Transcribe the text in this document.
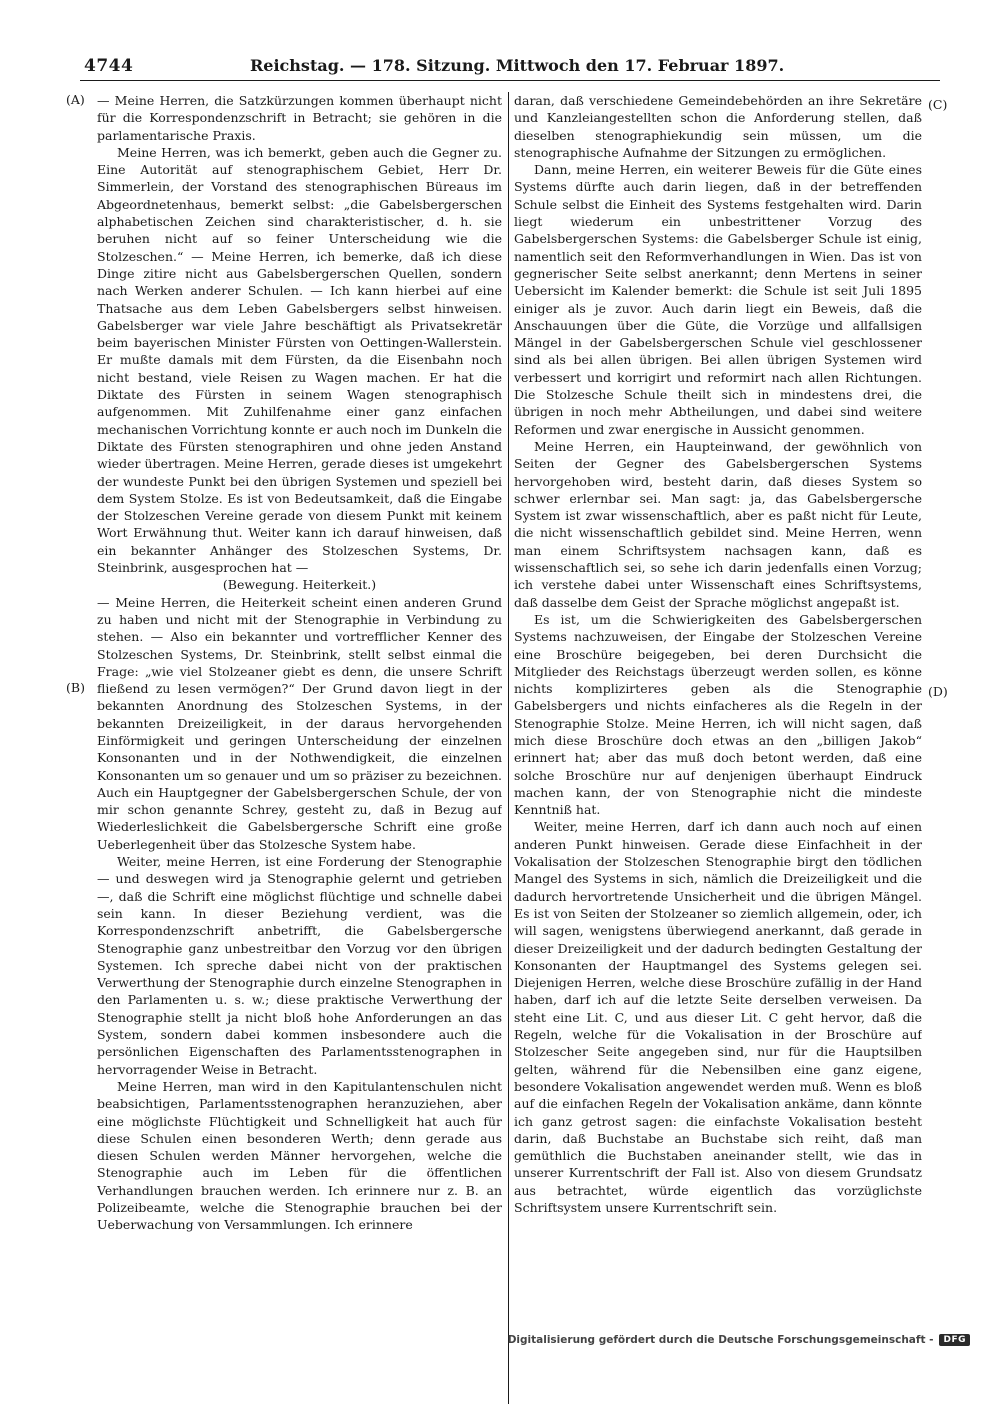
4744	Reichstag. — 178. Sitzung. Mittwoch den 17. Februar 1897.
(A)
(B)
(C)
(D)

— Meine Herren, die Satzkürzungen kommen überhaupt nicht für die Korrespondenzschrift in Betracht; sie gehören in die parlamentarische Praxis.

Meine Herren, was ich bemerkt, geben auch die Gegner zu. Eine Autorität auf stenographischem Gebiet, Herr Dr. Simmerlein, der Vorstand des stenographischen Büreaus im Abgeordnetenhaus, bemerkt selbst: „die Gabelsbergerschen alphabetischen Zeichen sind charakteristischer, d. h. sie beruhen nicht auf so feiner Unterscheidung wie die Stolzeschen.“ — Meine Herren, ich bemerke, daß ich diese Dinge zitire nicht aus Gabelsbergerschen Quellen, sondern nach Werken anderer Schulen. — Ich kann hierbei auf eine Thatsache aus dem Leben Gabelsbergers selbst hinweisen. Gabelsberger war viele Jahre beschäftigt als Privatsekretär beim bayerischen Minister Fürsten von Oettingen-Wallerstein. Er mußte damals mit dem Fürsten, da die Eisenbahn noch nicht bestand, viele Reisen zu Wagen machen. Er hat die Diktate des Fürsten in seinem Wagen stenographisch aufgenommen. Mit Zuhilfenahme einer ganz einfachen mechanischen Vorrichtung konnte er auch noch im Dunkeln die Diktate des Fürsten stenographiren und ohne jeden Anstand wieder übertragen. Meine Herren, gerade dieses ist umgekehrt der wundeste Punkt bei den übrigen Systemen und speziell bei dem System Stolze. Es ist von Bedeutsamkeit, daß die Eingabe der Stolzeschen Vereine gerade von diesem Punkt mit keinem Wort Erwähnung thut. Weiter kann ich darauf hinweisen, daß ein bekannter Anhänger des Stolzeschen Systems, Dr. Steinbrink, ausgesprochen hat —

(Bewegung. Heiterkeit.)

— Meine Herren, die Heiterkeit scheint einen anderen Grund zu haben und nicht mit der Stenographie in Verbindung zu stehen. — Also ein bekannter und vortrefflicher Kenner des Stolzeschen Systems, Dr. Steinbrink, stellt selbst einmal die Frage: „wie viel Stolzeaner giebt es denn, die unsere Schrift fließend zu lesen vermögen?“ Der Grund davon liegt in der bekannten Anordnung des Stolzeschen Systems, in der bekannten Dreizeiligkeit, in der daraus hervorgehenden Einförmigkeit und geringen Unterscheidung der einzelnen Konsonanten und in der Nothwendigkeit, die einzelnen Konsonanten um so genauer und um so präziser zu bezeichnen. Auch ein Hauptgegner der Gabelsbergerschen Schule, der von mir schon genannte Schrey, gesteht zu, daß in Bezug auf Wiederleslichkeit die Gabelsbergersche Schrift eine große Ueberlegenheit über das Stolzesche System habe.

Weiter, meine Herren, ist eine Forderung der Stenographie — und deswegen wird ja Stenographie gelernt und getrieben —, daß die Schrift eine möglichst flüchtige und schnelle dabei sein kann. In dieser Beziehung verdient, was die Korrespondenzschrift anbetrifft, die Gabelsbergersche Stenographie ganz unbestreitbar den Vorzug vor den übrigen Systemen. Ich spreche dabei nicht von der praktischen Verwerthung der Stenographie durch einzelne Stenographen in den Parlamenten u. s. w.; diese praktische Verwerthung der Stenographie stellt ja nicht bloß hohe Anforderungen an das System, sondern dabei kommen insbesondere auch die persönlichen Eigenschaften des Parlamentsstenographen in hervorragender Weise in Betracht.

Meine Herren, man wird in den Kapitulantenschulen nicht beabsichtigen, Parlamentsstenographen heranzuziehen, aber eine möglichste Flüchtigkeit und Schnelligkeit hat auch für diese Schulen einen besonderen Werth; denn gerade aus diesen Schulen werden Männer hervorgehen, welche die Stenographie auch im Leben für die öffentlichen Verhandlungen brauchen werden. Ich erinnere nur z. B. an Polizeibeamte, welche die Stenographie brauchen bei der Ueberwachung von Versammlungen. Ich erinnere

daran, daß verschiedene Gemeindebehörden an ihre Sekretäre und Kanzleiangestellten schon die Anforderung stellen, daß dieselben stenographiekundig sein müssen, um die stenographische Aufnahme der Sitzungen zu ermöglichen.

Dann, meine Herren, ein weiterer Beweis für die Güte eines Systems dürfte auch darin liegen, daß in der betreffenden Schule selbst die Einheit des Systems festgehalten wird. Darin liegt wiederum ein unbestrittener Vorzug des Gabelsbergerschen Systems: die Gabelsberger Schule ist einig, namentlich seit den Reformverhandlungen in Wien. Das ist von gegnerischer Seite selbst anerkannt; denn Mertens in seiner Uebersicht im Kalender bemerkt: die Schule ist seit Juli 1895 einiger als je zuvor. Auch darin liegt ein Beweis, daß die Anschauungen über die Güte, die Vorzüge und allfallsigen Mängel in der Gabelsbergerschen Schule viel geschlossener sind als bei allen übrigen. Bei allen übrigen Systemen wird verbessert und korrigirt und reformirt nach allen Richtungen. Die Stolzesche Schule theilt sich in mindestens drei, die übrigen in noch mehr Abtheilungen, und dabei sind weitere Reformen und zwar energische in Aussicht genommen.

Meine Herren, ein Haupteinwand, der gewöhnlich von Seiten der Gegner des Gabelsbergerschen Systems hervorgehoben wird, besteht darin, daß dieses System so schwer erlernbar sei. Man sagt: ja, das Gabelsbergersche System ist zwar wissenschaftlich, aber es paßt nicht für Leute, die nicht wissenschaftlich gebildet sind. Meine Herren, wenn man einem Schriftsystem nachsagen kann, daß es wissenschaftlich sei, so sehe ich darin jedenfalls einen Vorzug; ich verstehe dabei unter Wissenschaft eines Schriftsystems, daß dasselbe dem Geist der Sprache möglichst angepaßt ist.

Es ist, um die Schwierigkeiten des Gabelsbergerschen Systems nachzuweisen, der Eingabe der Stolzeschen Vereine eine Broschüre beigegeben, bei deren Durchsicht die Mitglieder des Reichstags überzeugt werden sollen, es könne nichts komplizirteres geben als die Stenographie Gabelsbergers und nichts einfacheres als die Regeln in der Stenographie Stolze. Meine Herren, ich will nicht sagen, daß mich diese Broschüre doch etwas an den „billigen Jakob“ erinnert hat; aber das muß doch betont werden, daß eine solche Broschüre nur auf denjenigen überhaupt Eindruck machen kann, der von Stenographie nicht die mindeste Kenntniß hat.

Weiter, meine Herren, darf ich dann auch noch auf einen anderen Punkt hinweisen. Gerade diese Einfachheit in der Vokalisation der Stolzeschen Stenographie birgt den tödlichen Mangel des Systems in sich, nämlich die Dreizeiligkeit und die dadurch hervortretende Unsicherheit und die übrigen Mängel. Es ist von Seiten der Stolzeaner so ziemlich allgemein, oder, ich will sagen, wenigstens überwiegend anerkannt, daß gerade in dieser Dreizeiligkeit und der dadurch bedingten Gestaltung der Konsonanten der Hauptmangel des Systems gelegen sei. Diejenigen Herren, welche diese Broschüre zufällig in der Hand haben, darf ich auf die letzte Seite derselben verweisen. Da steht eine Lit. C, und aus dieser Lit. C geht hervor, daß die Regeln, welche für die Vokalisation in der Broschüre auf Stolzescher Seite angegeben sind, nur für die Hauptsilben gelten, während für die Nebensilben eine ganz eigene, besondere Vokalisation angewendet werden muß. Wenn es bloß auf die einfachen Regeln der Vokalisation ankäme, dann könnte ich ganz getrost sagen: die einfachste Vokalisation besteht darin, daß Buchstabe an Buchstabe sich reiht, daß man gemüthlich die Buchstaben aneinander stellt, wie das in unserer Kurrentschrift der Fall ist. Also von diesem Grundsatz aus betrachtet, würde eigentlich das vorzüglichste Schriftsystem unsere Kurrentschrift sein.

Digitalisierung gefördert durch die Deutsche Forschungsgemeinschaft -	DFG
